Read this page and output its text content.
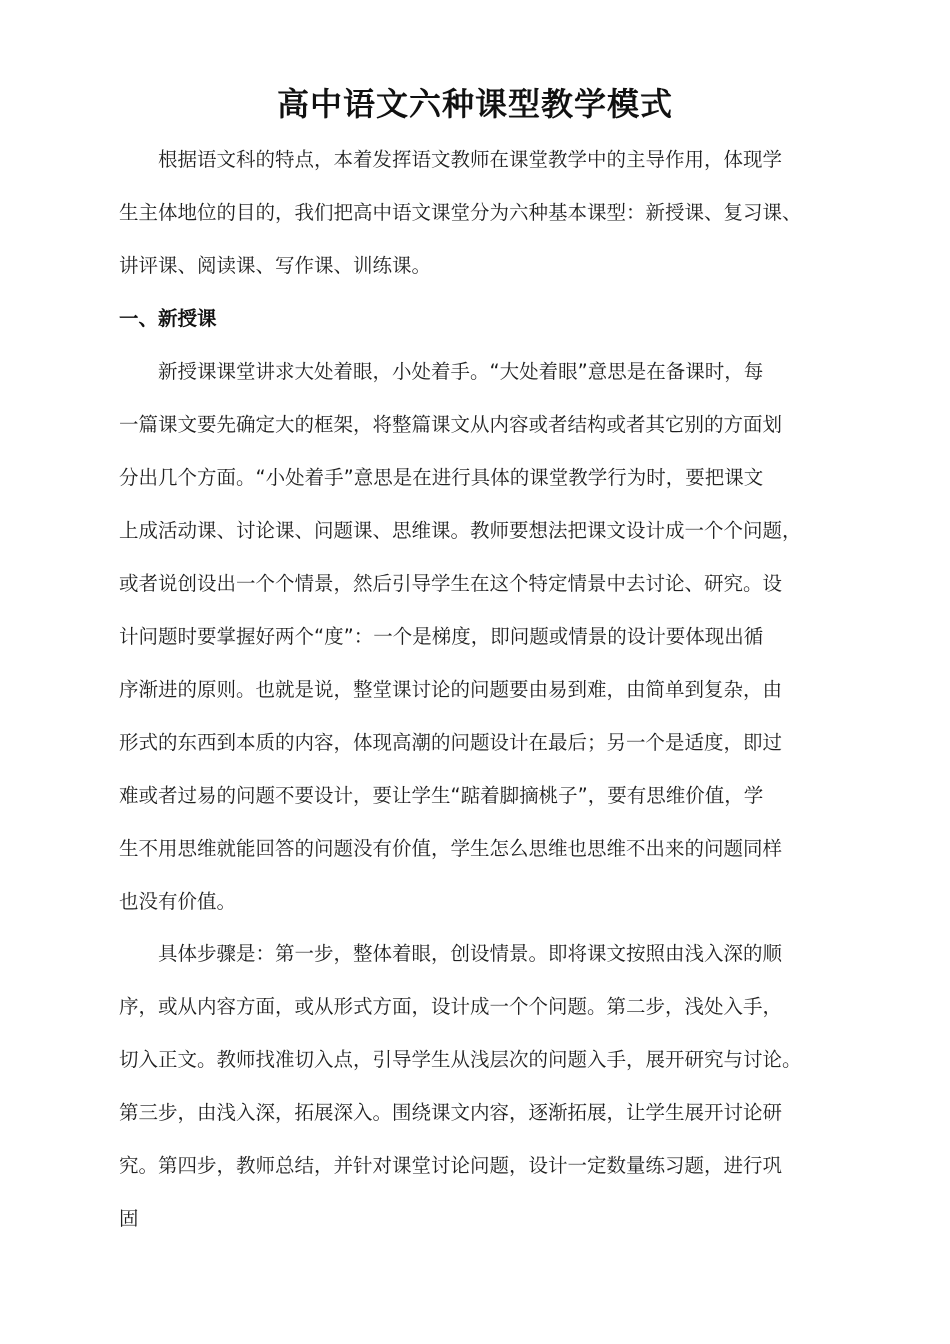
高中语文六种课型教学模式
　　根据语文科的特点，本着发挥语文教师在课堂教学中的主导作用，体现学
生主体地位的目的，我们把高中语文课堂分为六种基本课型：新授课、复习课、
讲评课、阅读课、写作课、训练课。
一、新授课
　　新授课课堂讲求大处着眼，小处着手。“大处着眼”意思是在备课时，每
一篇课文要先确定大的框架，将整篇课文从内容或者结构或者其它别的方面划
分出几个方面。“小处着手”意思是在进行具体的课堂教学行为时，要把课文
上成活动课、讨论课、问题课、思维课。教师要想法把课文设计成一个个问题，
或者说创设出一个个情景，然后引导学生在这个特定情景中去讨论、研究。设
计问题时要掌握好两个“度”：一个是梯度，即问题或情景的设计要体现出循
序渐进的原则。也就是说，整堂课讨论的问题要由易到难，由简单到复杂，由
形式的东西到本质的内容，体现高潮的问题设计在最后；另一个是适度，即过
难或者过易的问题不要设计，要让学生“踮着脚摘桃子”，要有思维价值，学
生不用思维就能回答的问题没有价值，学生怎么思维也思维不出来的问题同样
也没有价值。
　　具体步骤是：第一步，整体着眼，创设情景。即将课文按照由浅入深的顺
序，或从内容方面，或从形式方面，设计成一个个问题。第二步，浅处入手，
切入正文。教师找准切入点，引导学生从浅层次的问题入手，展开研究与讨论。
第三步，由浅入深，拓展深入。围绕课文内容，逐渐拓展，让学生展开讨论研
究。第四步，教师总结，并针对课堂讨论问题，设计一定数量练习题，进行巩
固
